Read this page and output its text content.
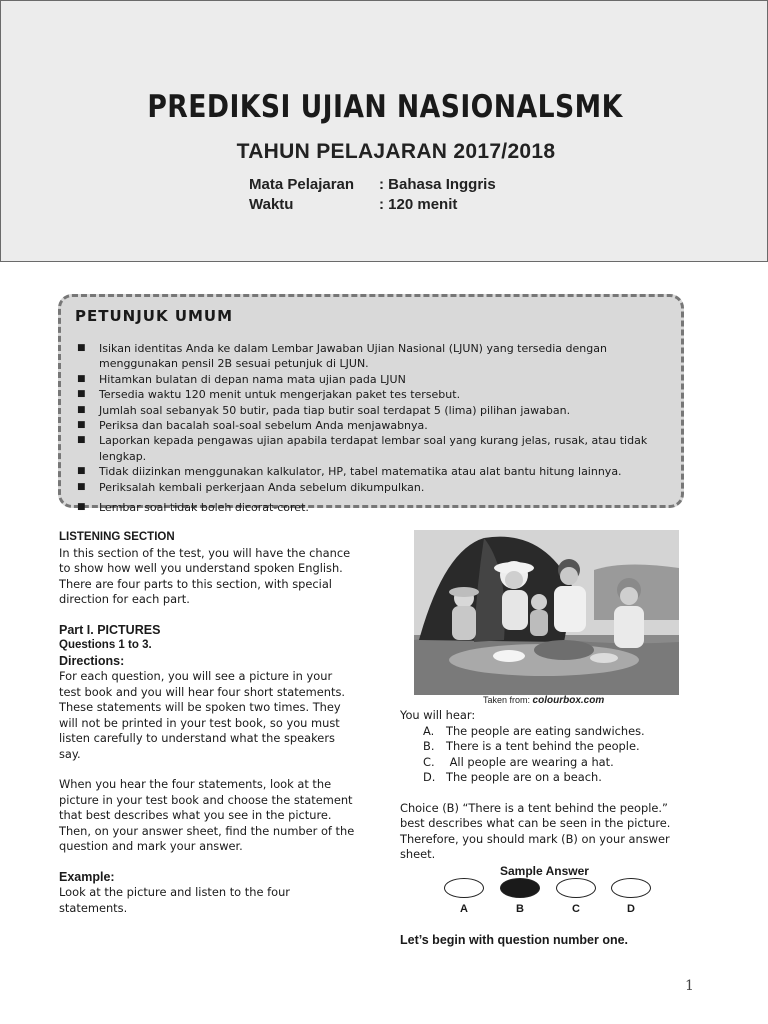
PREDIKSI UJIAN NASIONALSMK
TAHUN PELAJARAN 2017/2018
Mata Pelajaran : Bahasa Inggris
Waktu	: 120 menit
PETUNJUK UMUM
■ Isikan identitas Anda ke dalam Lembar Jawaban Ujian Nasional (LJUN) yang tersedia dengan menggunakan pensil 2B sesuai petunjuk di LJUN.
■ Hitamkan bulatan di depan nama mata ujian pada LJUN
■ Tersedia waktu 120 menit untuk mengerjakan paket tes tersebut.
■ Jumlah soal sebanyak 50 butir, pada tiap butir soal terdapat 5 (lima) pilihan jawaban.
■ Periksa dan bacalah soal-soal sebelum Anda menjawabnya.
■ Laporkan kepada pengawas ujian apabila terdapat lembar soal yang kurang jelas, rusak, atau tidak lengkap.
■ Tidak diizinkan menggunakan kalkulator, HP, tabel matematika atau alat bantu hitung lainnya.
■ Periksalah kembali perkerjaan Anda sebelum dikumpulkan.
■ Lembar soal tidak boleh dicorat-coret.
LISTENING SECTION

In this section of the test, you will have the chance to show how well you understand spoken English. There are four parts to this section, with special direction for each part.

Part I. PICTURES
Questions 1 to 3.
Directions:

For each question, you will see a picture in your test book and you will hear four short statements. These statements will be spoken two times. They will not be printed in your test book, so you must listen carefully to understand what the speakers say.

When you hear the four statements, look at the picture in your test book and choose the statement that best describes what you see in the picture. Then, on your answer sheet, find the number of the question and mark your answer.

Example:

Look at the picture and listen to the four statements.

Taken from: colourbox.com
You will hear:
A. The people are eating sandwiches.
B. There is a tent behind the people.
C. All people are wearing a hat.
D. The people are on a beach.

Choice (B) “There is a tent behind the people.” best describes what can be seen in the picture. Therefore, you should mark (B) on your answer sheet.

Sample Answer
A	B	C	D
Let’s begin with question number one.
1
